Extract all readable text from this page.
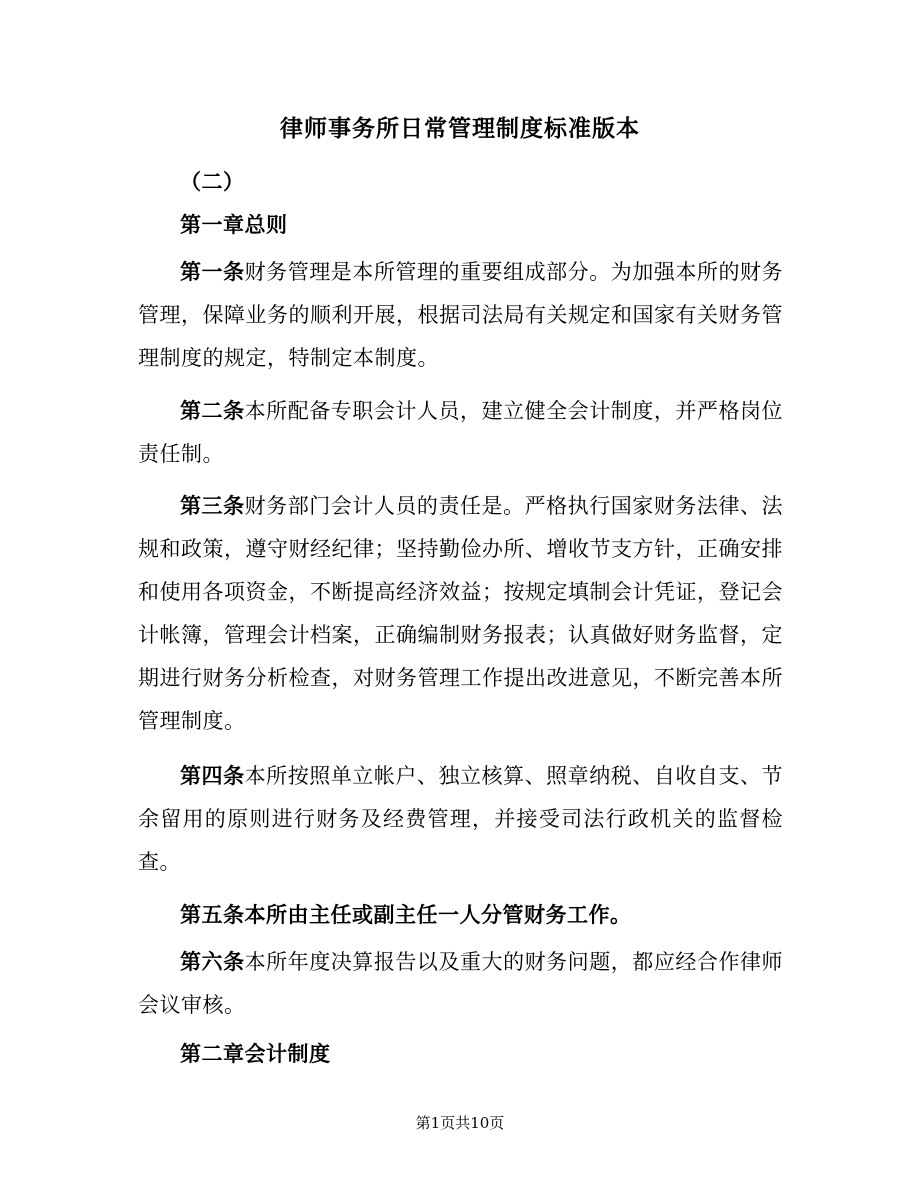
律师事务所日常管理制度标准版本
（二）
第一章总则
第一条财务管理是本所管理的重要组成部分。为加强本所的财务管理，保障业务的顺利开展，根据司法局有关规定和国家有关财务管理制度的规定，特制定本制度。
第二条本所配备专职会计人员，建立健全会计制度，并严格岗位责任制。
第三条财务部门会计人员的责任是。严格执行国家财务法律、法规和政策，遵守财经纪律；坚持勤俭办所、增收节支方针，正确安排和使用各项资金，不断提高经济效益；按规定填制会计凭证，登记会计帐簿，管理会计档案，正确编制财务报表；认真做好财务监督，定期进行财务分析检查，对财务管理工作提出改进意见，不断完善本所管理制度。
第四条本所按照单立帐户、独立核算、照章纳税、自收自支、节余留用的原则进行财务及经费管理，并接受司法行政机关的监督检查。
第五条本所由主任或副主任一人分管财务工作。
第六条本所年度决算报告以及重大的财务问题，都应经合作律师会议审核。
第二章会计制度
第1页共10页
